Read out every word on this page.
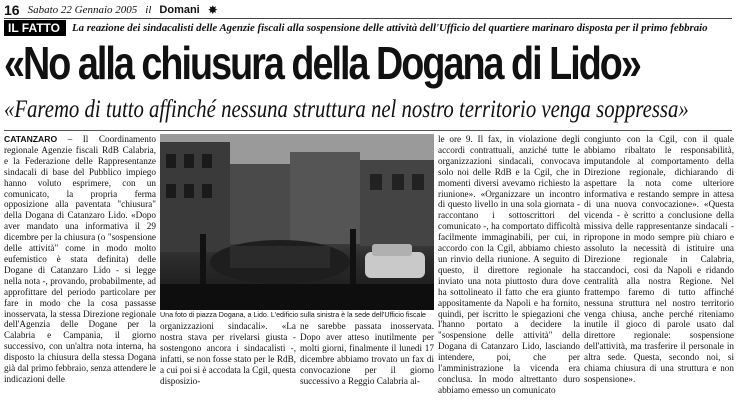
16 Sabato 22 Gennaio 2005 il Domani ✸
IL FATTO	La reazione dei sindacalisti delle Agenzie fiscali alla sospensione delle attività dell'Ufficio del quartiere marinaro disposta per il primo febbraio
«No alla chiusura della Dogana di Lido»
«Faremo di tutto affinché nessuna struttura nel nostro territorio venga soppressa»

CATANZARO – Il Coordinamento regionale Agenzie fiscali RdB Calabria, e la Federazione delle Rappresentanze sindacali di base del Pubblico impiego hanno voluto esprimere, con un comunicato, la propria ferma opposizione alla paventata "chiusura" della Dogana di Catanzaro Lido. «Dopo aver mandato una informativa il 29 dicembre per la chiusura (o "sospensione delle attività" come in modo molto eufemistico è stata definita) delle Dogane di Catanzaro Lido - si legge nella nota -, provando, probabilmente, ad approfittare del periodo particolare per fare in modo che la cosa passasse inosservata, la stessa Direzione regionale dell'Agenzia delle Dogane per la Calabria e Campania, il giorno successivo, con un'altra nota interna, ha disposto la chiusura della stessa Dogana già dal primo febbraio, senza attendere le indicazioni delle

Una foto di piazza Dogana, a Lido. L'edificio sulla sinistra è la sede dell'Ufficio fiscale

organizzazioni sindacali». «La nostra stava per rivelarsi giusta - sostengono ancora i sindacalisti -, infatti, se non fosse stato per le RdB, a cui poi si è accodata la Cgil, questa disposizio-

ne sarebbe passata inosservata. Dopo aver atteso inutilmente per molti giorni, finalmente il lunedì 17 dicembre abbiamo trovato un fax di convocazione per il giorno successivo a Reggio Calabria al-

le ore 9. Il fax, in violazione degli accordi contrattuali, anziché tutte le organizzazioni sindacali, convocava solo noi delle RdB e la Cgil, che in momenti diversi avevamo richiesto la riunione». «Organizzare un incontro di questo livello in una sola giornata - raccontano i sottoscrittori del comunicato -, ha comportato difficoltà facilmente immaginabili, per cui, in accordo con la Cgil, abbiamo chiesto un rinvio della riunione. A seguito di questo, il direttore regionale ha inviato una nota piuttosto dura dove ha sottolineato il fatto che era giunto appositamente da Napoli e ha fornito, quindi, per iscritto le spiegazioni che l'hanno portato a decidere la "sospensione delle attività" della Dogana di Catanzaro Lido, lasciando intendere, poi, che per l'amministrazione la vicenda era conclusa. In modo altrettanto duro abbiamo emesso un comunicato

congiunto con la Cgil, con il quale abbiamo ribaltato le responsabilità, imputandole al comportamento della Direzione regionale, dichiarando di aspettare la nota come ulteriore informativa e restando sempre in attesa di una nuova convocazione». «Questa vicenda - è scritto a conclusione della missiva delle rappresentanze sindacali - ripropone in modo sempre più chiaro e assoluto la necessità di istituire una Direzione regionale in Calabria, staccandoci, così da Napoli e ridando centralità alla nostra Regione. Nel frattempo faremo di tutto affinché nessuna struttura nel nostro territorio venga chiusa, anche perché riteniamo inutile il gioco di parole usato dal direttore regionale: sospensione dell'attività, ma trasferire il personale in altra sede. Questa, secondo noi, si chiama chiusura di una struttura e non sospensione».
